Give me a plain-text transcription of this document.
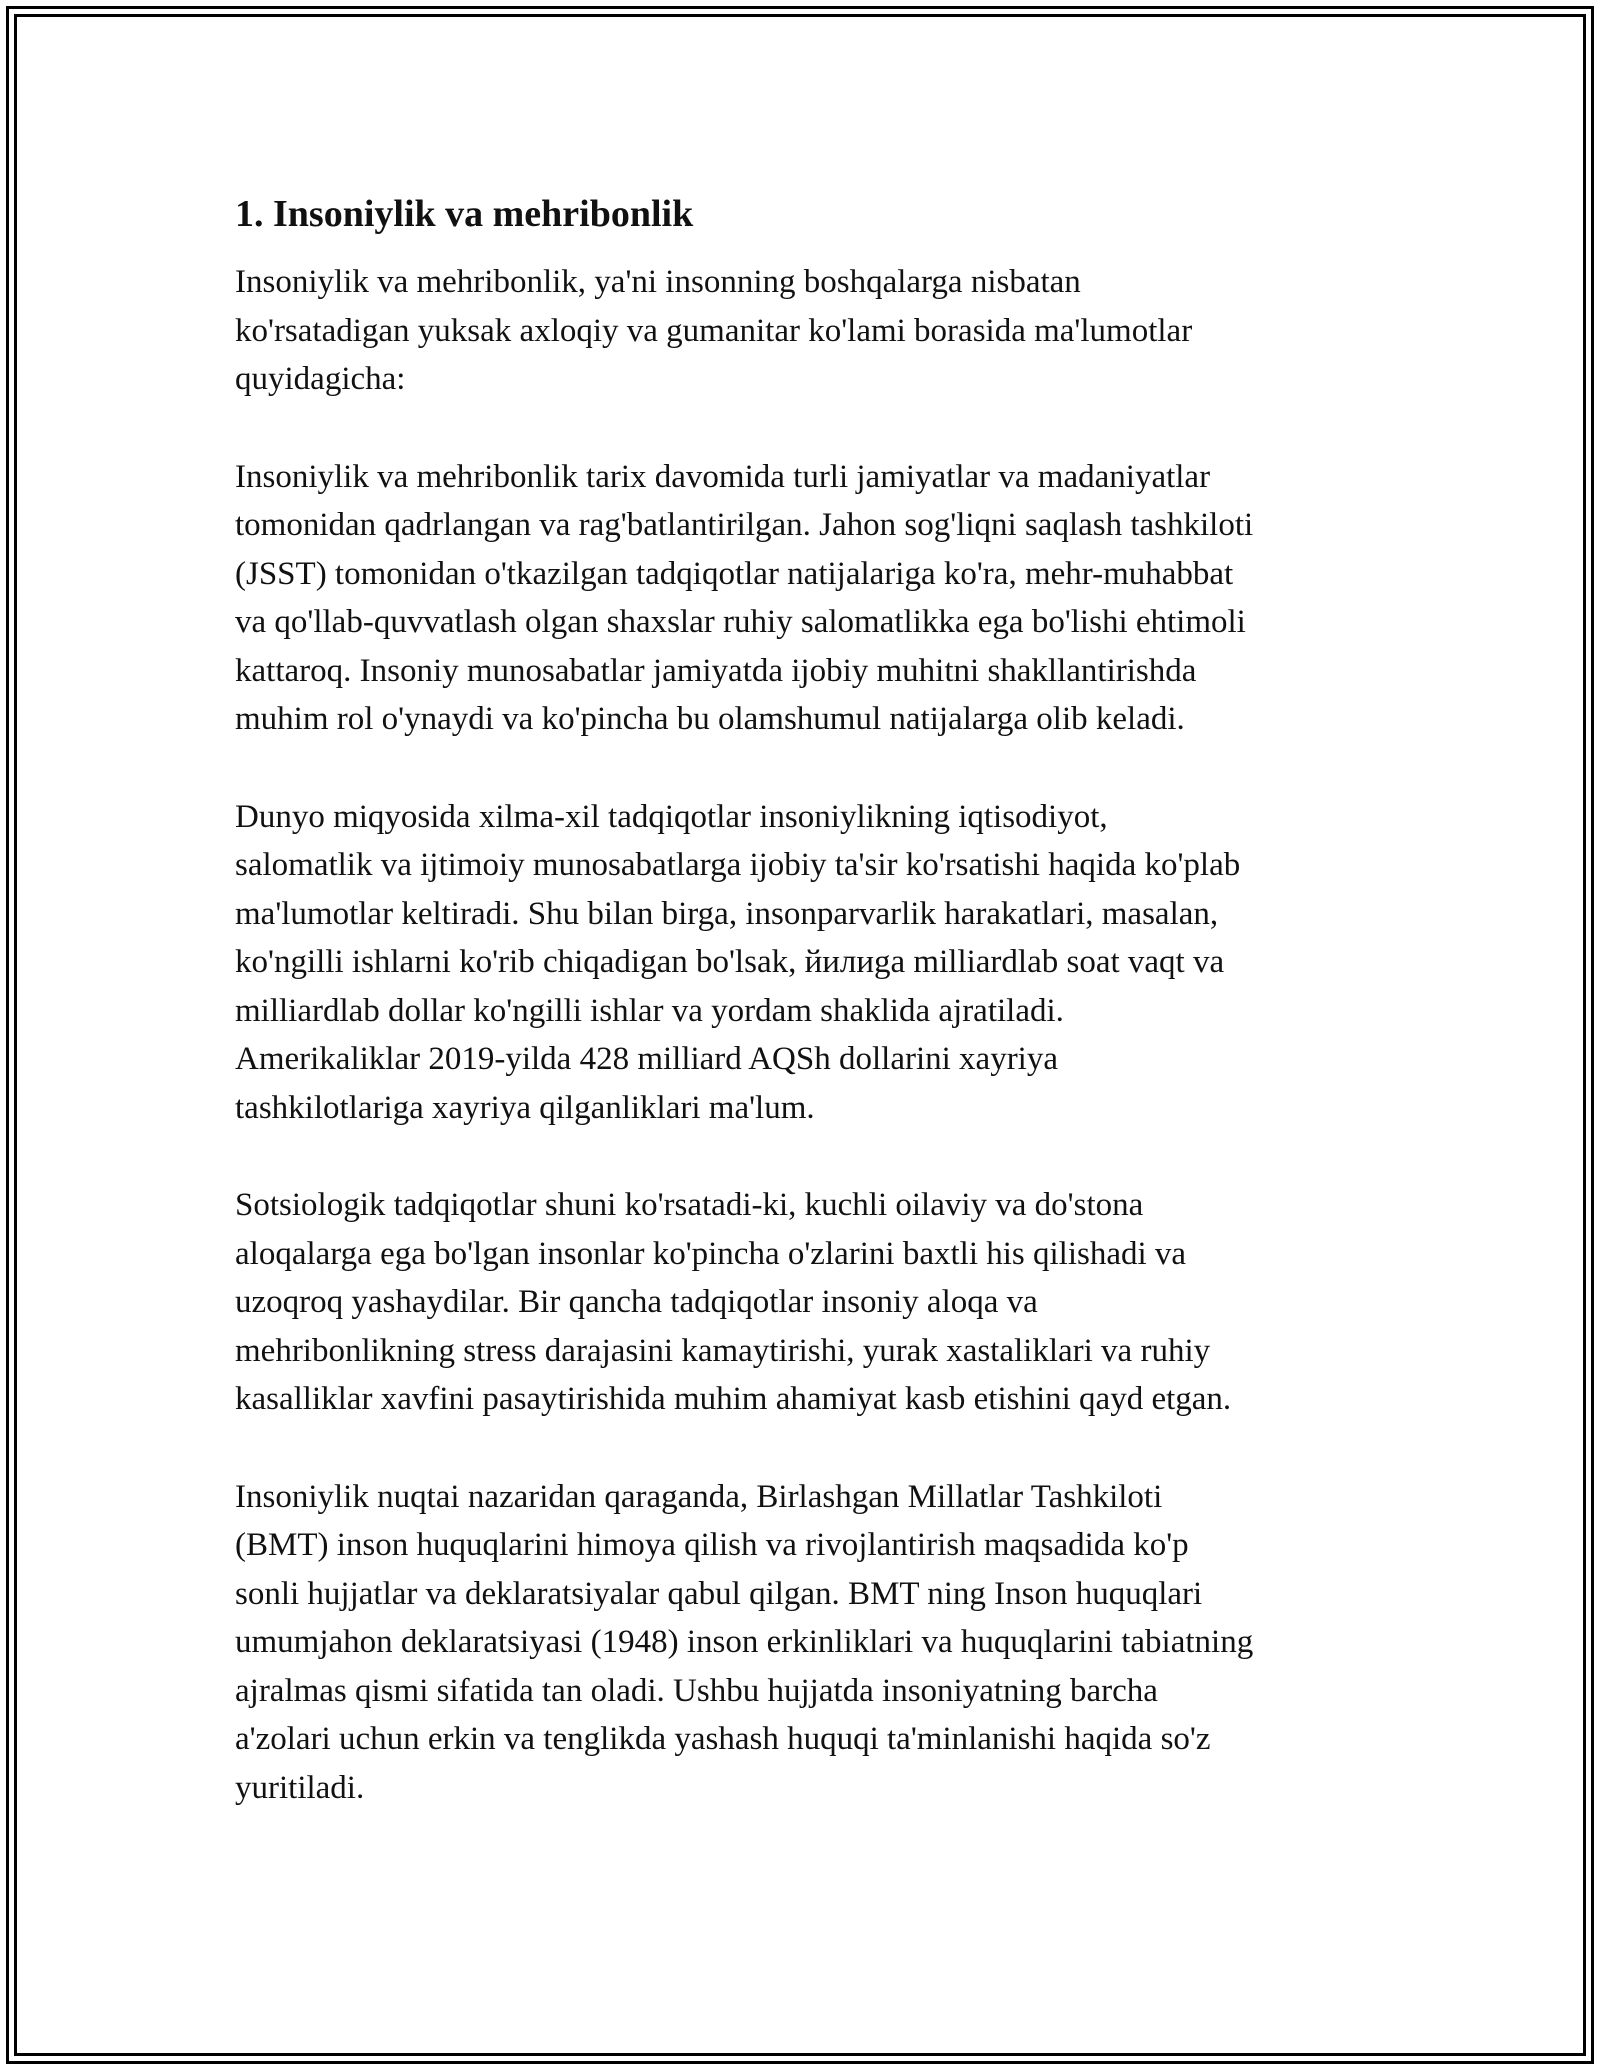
1. Insoniylik va mehribonlik
Insoniylik va mehribonlik, ya'ni insonning boshqalarga nisbatan
ko'rsatadigan yuksak axloqiy va gumanitar ko'lami borasida ma'lumotlar
quyidagicha:
Insoniylik va mehribonlik tarix davomida turli jamiyatlar va madaniyatlar
tomonidan qadrlangan va rag'batlantirilgan. Jahon sog'liqni saqlash tashkiloti
(JSST) tomonidan o'tkazilgan tadqiqotlar natijalariga ko'ra, mehr-muhabbat
va qo'llab-quvvatlash olgan shaxslar ruhiy salomatlikka ega bo'lishi ehtimoli
kattaroq. Insoniy munosabatlar jamiyatda ijobiy muhitni shakllantirishda
muhim rol o'ynaydi va ko'pincha bu olamshumul natijalarga olib keladi.
Dunyo miqyosida xilma-xil tadqiqotlar insoniylikning iqtisodiyot,
salomatlik va ijtimoiy munosabatlarga ijobiy ta'sir ko'rsatishi haqida ko'plab
ma'lumotlar keltiradi. Shu bilan birga, insonparvarlik harakatlari, masalan,
ko'ngilli ishlarni ko'rib chiqadigan bo'lsak, йилиga milliardlab soat vaqt va
milliardlab dollar ko'ngilli ishlar va yordam shaklida ajratiladi.
Amerikaliklar 2019-yilda 428 milliard AQSh dollarini xayriya
tashkilotlariga xayriya qilganliklari ma'lum.
Sotsiologik tadqiqotlar shuni ko'rsatadi-ki, kuchli oilaviy va do'stona
aloqalarga ega bo'lgan insonlar ko'pincha o'zlarini baxtli his qilishadi va
uzoqroq yashaydilar. Bir qancha tadqiqotlar insoniy aloqa va
mehribonlikning stress darajasini kamaytirishi, yurak xastaliklari va ruhiy
kasalliklar xavfini pasaytirishida muhim ahamiyat kasb etishini qayd etgan.
Insoniylik nuqtai nazaridan qaraganda, Birlashgan Millatlar Tashkiloti
(BMT) inson huquqlarini himoya qilish va rivojlantirish maqsadida ko'p
sonli hujjatlar va deklaratsiyalar qabul qilgan. BMT ning Inson huquqlari
umumjahon deklaratsiyasi (1948) inson erkinliklari va huquqlarini tabiatning
ajralmas qismi sifatida tan oladi. Ushbu hujjatda insoniyatning barcha
a'zolari uchun erkin va tenglikda yashash huquqi ta'minlanishi haqida so'z
yuritiladi.
